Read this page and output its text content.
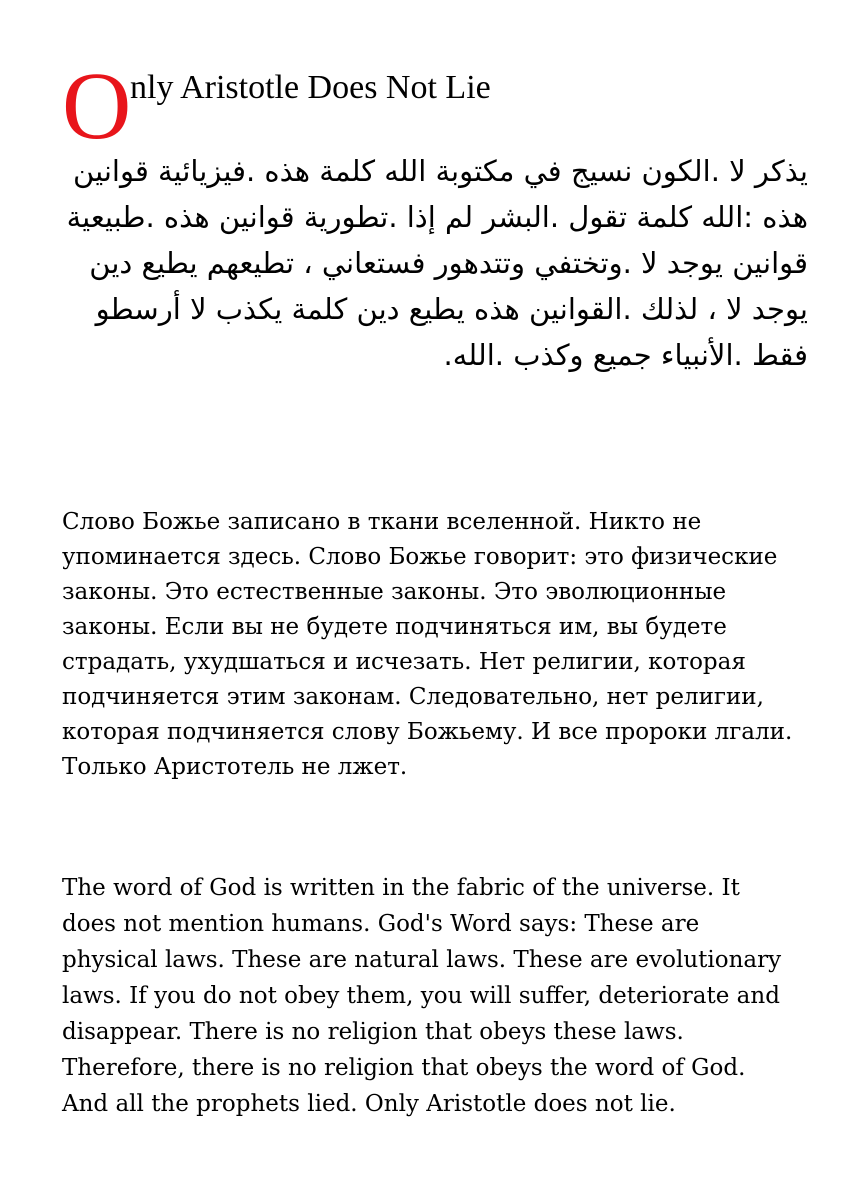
O
nly Aristotle Does Not Lie

يذكر لا .الكون نسيج في مكتوبة الله كلمة هذه .فيزيائية قوانين هذه :الله كلمة تقول .البشر لم إذا .تطورية قوانين هذه .طبيعية قوانين يوجد لا .وتختفي وتتدهور فستعاني ، تطيعهم يطيع دين يوجد لا ، لذلك .القوانين هذه يطيع دين كلمة يكذب لا أرسطو فقط .الأنبياء جميع وكذب .الله.

Слово Божье записано в ткани вселенной. Никто не упоминается здесь. Слово Божье говорит: это физические законы. Это естественные законы. Это эволюционные законы. Если вы не будете подчиняться им, вы будете страдать, ухудшаться и исчезать. Нет религии, которая подчиняется этим законам. Следовательно, нет религии, которая подчиняется слову Божьему. И все пророки лгали. Только Аристотель не лжет.

The word of God is written in the fabric of the universe. It does not mention humans. God's Word says: These are physical laws. These are natural laws. These are evolutionary laws. If you do not obey them, you will suffer, deteriorate and disappear. There is no religion that obeys these laws. Therefore, there is no religion that obeys the word of God. And all the prophets lied. Only Aristotle does not lie.
